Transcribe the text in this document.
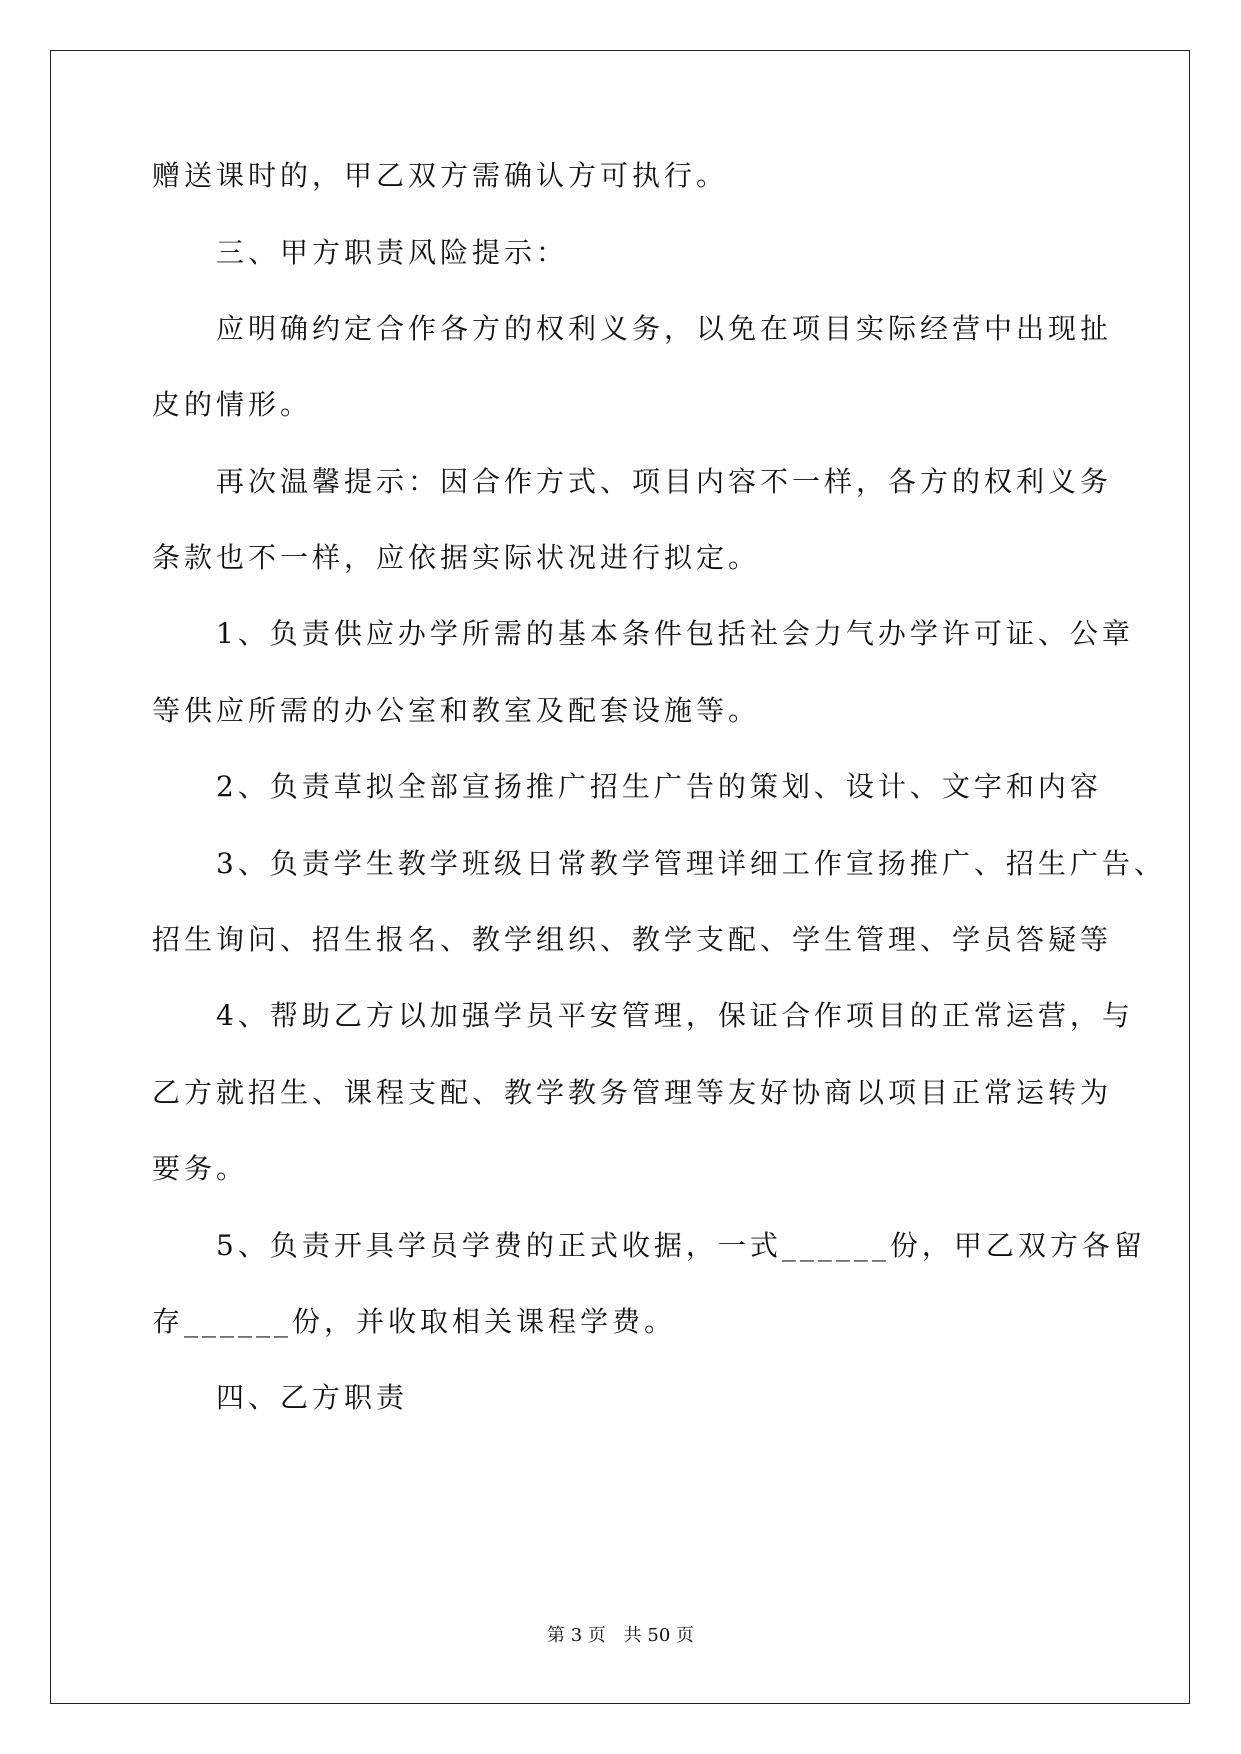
赠送课时的，甲乙双方需确认方可执行。

三、甲方职责风险提示：

应明确约定合作各方的权利义务，以免在项目实际经营中出现扯

皮的情形。

再次温馨提示：因合作方式、项目内容不一样，各方的权利义务

条款也不一样，应依据实际状况进行拟定。

1、负责供应办学所需的基本条件包括社会力气办学许可证、公章

等供应所需的办公室和教室及配套设施等。

2、负责草拟全部宣扬推广招生广告的策划、设计、文字和内容

3、负责学生教学班级日常教学管理详细工作宣扬推广、招生广告、

招生询问、招生报名、教学组织、教学支配、学生管理、学员答疑等

4、帮助乙方以加强学员平安管理，保证合作项目的正常运营，与

乙方就招生、课程支配、教学教务管理等友好协商以项目正常运转为

要务。

5、负责开具学员学费的正式收据，一式______份，甲乙双方各留

存______份，并收取相关课程学费。

四、乙方职责

第 3 页 共 50 页
